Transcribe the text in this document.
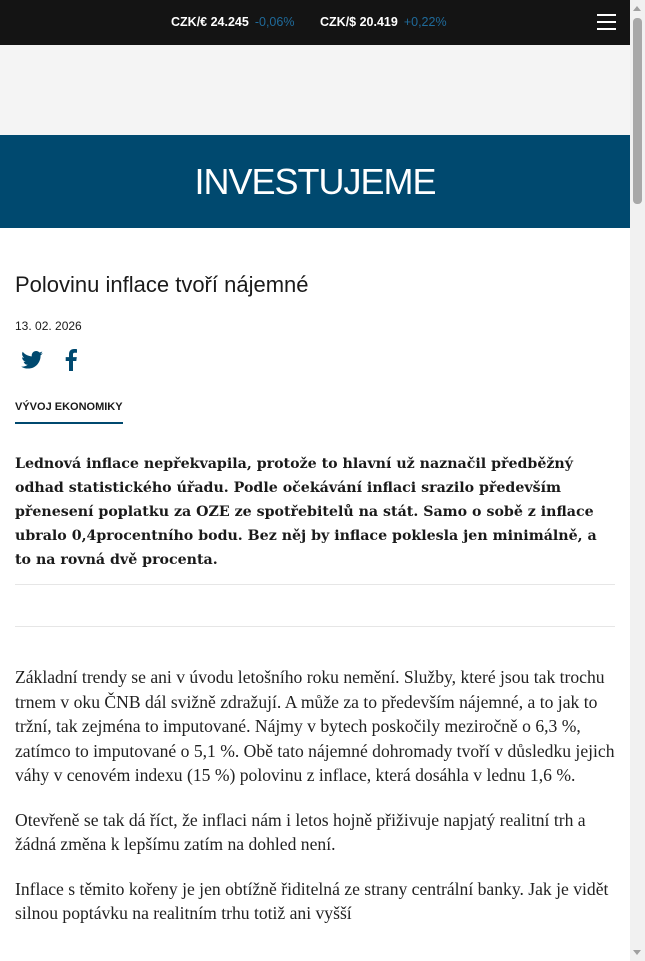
CZK/€ 24.245 -0,06% CZK/$ 20.419 +0,22%
INVESTUJEME
Polovinu inflace tvoří nájemné
13. 02. 2026
VÝVOJ EKONOMIKY
Lednová inflace nepřekvapila, protože to hlavní už naznačil předběžný odhad statistického úřadu. Podle očekávání inflaci srazilo především přenesení poplatku za OZE ze spotřebitelů na stát. Samo o sobě z inflace ubralo 0,4procentního bodu. Bez něj by inflace poklesla jen minimálně, a to na rovná dvě procenta.

Základní trendy se ani v úvodu letošního roku nemění. Služby, které jsou tak trochu trnem v oku ČNB dál svižně zdražují. A může za to především nájemné, a to jak to tržní, tak zejména to imputované. Nájmy v bytech poskočily meziročně o 6,3 %, zatímco to imputované o 5,1 %. Obě tato nájemné dohromady tvoří v důsledku jejich váhy v cenovém indexu (15 %) polovinu z inflace, která dosáhla v lednu 1,6 %.

Otevřeně se tak dá říct, že inflaci nám i letos hojně přiživuje napjatý realitní trh a žádná změna k lepšímu zatím na dohled není.

Inflace s těmito kořeny je jen obtížně řiditelná ze strany centrální banky. Jak je vidět silnou poptávku na realitním trhu totiž ani vyšší
